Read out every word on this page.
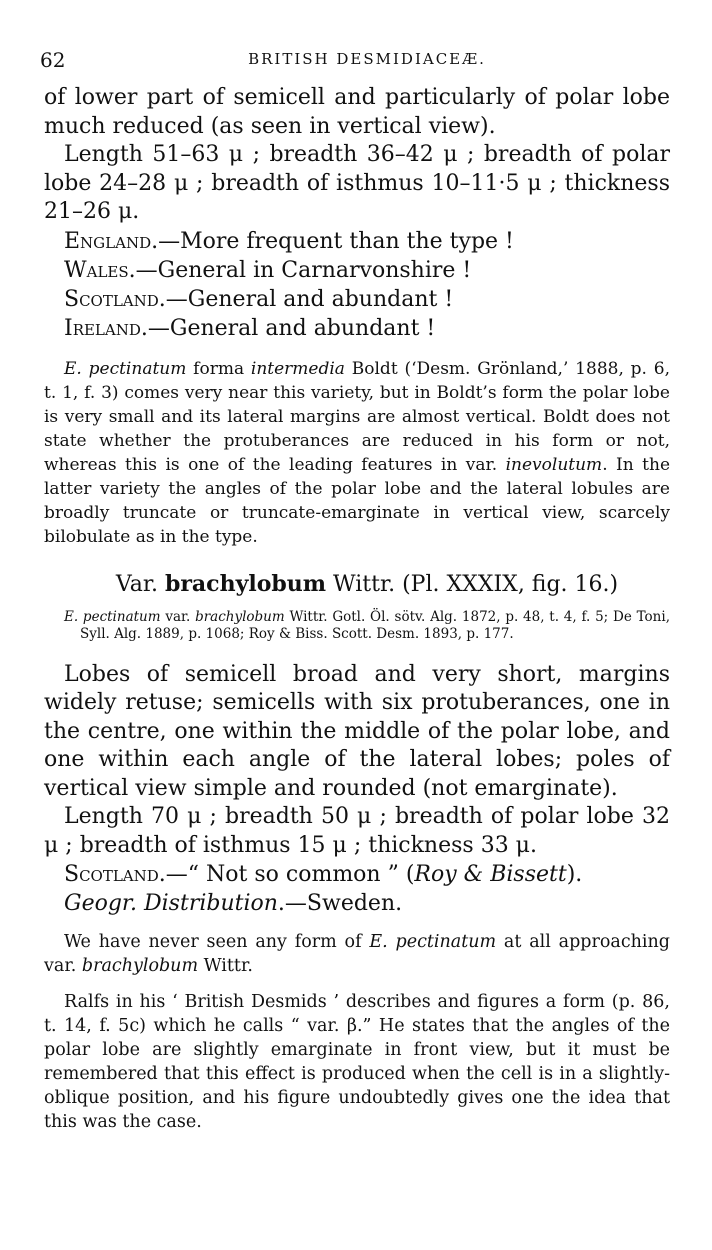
62	BRITISH DESMIDIACEÆ.

of lower part of semicell and particularly of polar lobe much reduced (as seen in vertical view).

Length 51–63 μ ; breadth 36–42 μ ; breadth of polar lobe 24–28 μ ; breadth of isthmus 10–11·5 μ ; thickness 21–26 μ.

England.—More frequent than the type !

Wales.—General in Carnarvonshire !

Scotland.—General and abundant !

Ireland.—General and abundant !

E. pectinatum forma intermedia Boldt (‘Desm. Grönland,’ 1888, p. 6, t. 1, f. 3) comes very near this variety, but in Boldt’s form the polar lobe is very small and its lateral margins are almost vertical. Boldt does not state whether the protuberances are reduced in his form or not, whereas this is one of the leading features in var. inevolutum. In the latter variety the angles of the polar lobe and the lateral lobules are broadly truncate or truncate-emarginate in vertical view, scarcely bilobulate as in the type.

Var. brachylobum Wittr. (Pl. XXXIX, fig. 16.)

E. pectinatum var. brachylobum Wittr. Gotl. Öl. sötv. Alg. 1872, p. 48, t. 4, f. 5; De Toni, Syll. Alg. 1889, p. 1068; Roy & Biss. Scott. Desm. 1893, p. 177.

Lobes of semicell broad and very short, margins widely retuse; semicells with six protuberances, one in the centre, one within the middle of the polar lobe, and one within each angle of the lateral lobes; poles of vertical view simple and rounded (not emarginate).

Length 70 μ ; breadth 50 μ ; breadth of polar lobe 32 μ ; breadth of isthmus 15 μ ; thickness 33 μ.

Scotland.—“ Not so common ” (Roy & Bissett).

Geogr. Distribution.—Sweden.

We have never seen any form of E. pectinatum at all approaching var. brachylobum Wittr.

Ralfs in his ‘ British Desmids ’ describes and figures a form (p. 86, t. 14, f. 5c) which he calls “ var. β.” He states that the angles of the polar lobe are slightly emarginate in front view, but it must be remembered that this effect is produced when the cell is in a slightly-oblique position, and his figure undoubtedly gives one the idea that this was the case.
